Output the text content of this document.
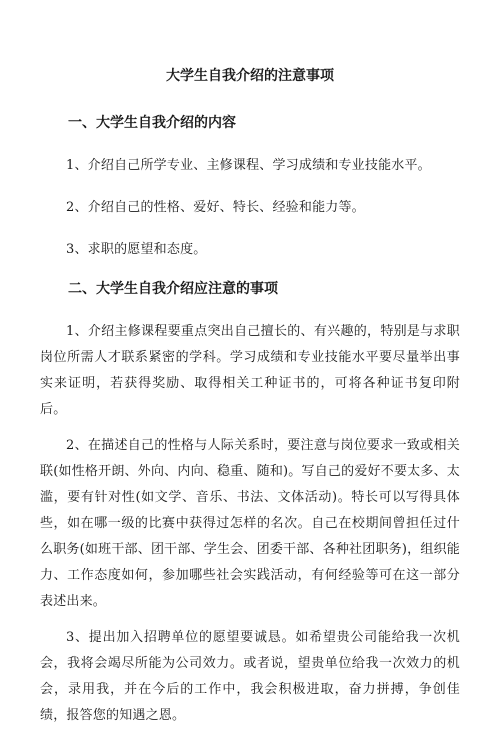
大学生自我介绍的注意事项
一、大学生自我介绍的内容

1、介绍自己所学专业、主修课程、学习成绩和专业技能水平。

2、介绍自己的性格、爱好、特长、经验和能力等。

3、求职的愿望和态度。

二、大学生自我介绍应注意的事项

1、介绍主修课程要重点突出自己擅长的、有兴趣的，特别是与求职岗位所需人才联系紧密的学科。学习成绩和专业技能水平要尽量举出事实来证明，若获得奖励、取得相关工种证书的，可将各种证书复印附后。

2、在描述自己的性格与人际关系时，要注意与岗位要求一致或相关联(如性格开朗、外向、内向、稳重、随和)。写自己的爱好不要太多、太滥，要有针对性(如文学、音乐、书法、文体活动)。特长可以写得具体些，如在哪一级的比赛中获得过怎样的名次。自己在校期间曾担任过什么职务(如班干部、团干部、学生会、团委干部、各种社团职务)，组织能力、工作态度如何，参加哪些社会实践活动，有何经验等可在这一部分表述出来。

3、提出加入招聘单位的愿望要诚恳。如希望贵公司能给我一次机会，我将会竭尽所能为公司效力。或者说，望贵单位给我一次效力的机会，录用我，并在今后的工作中，我会积极进取，奋力拼搏，争创佳绩，报答您的知遇之恩。
